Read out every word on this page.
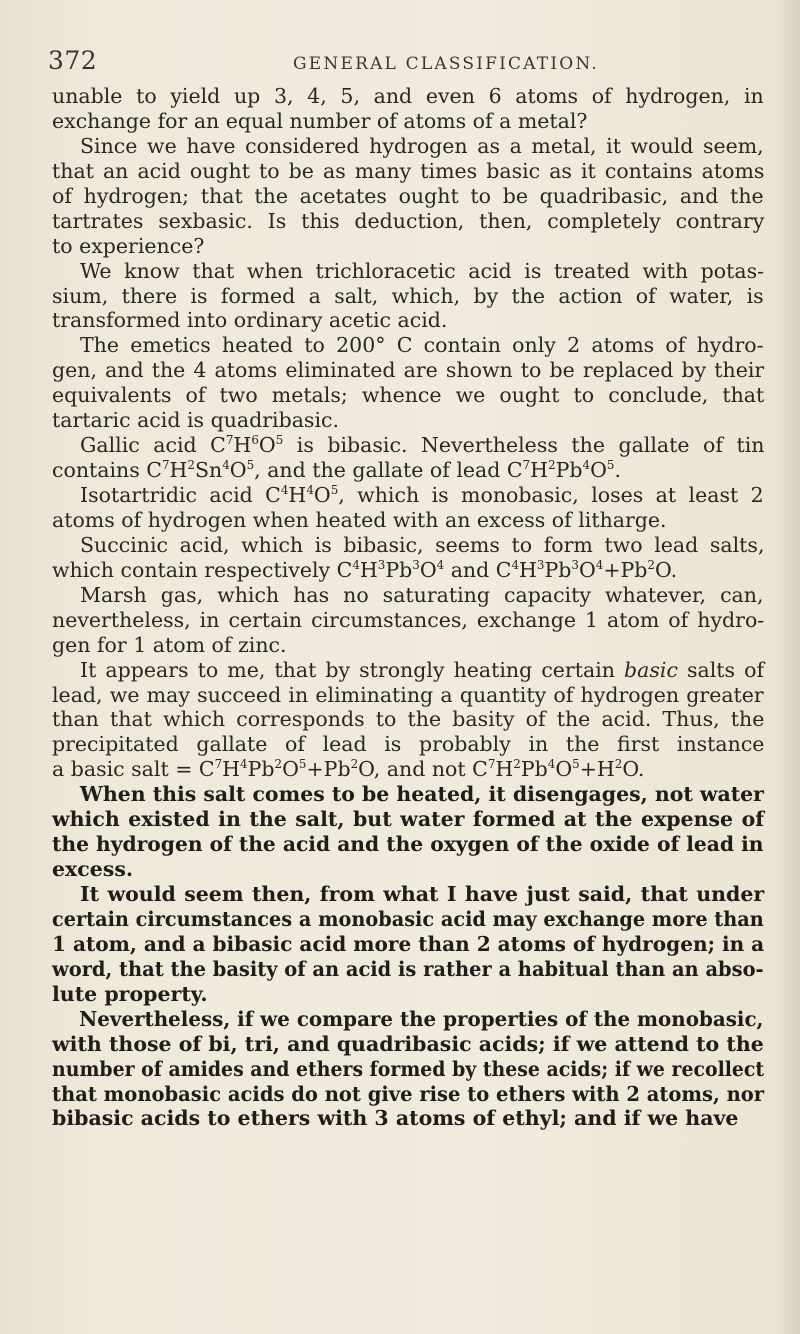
372	GENERAL CLASSIFICATION.
unable to yield up 3, 4, 5, and even 6 atoms of hydrogen, in
exchange for an equal number of atoms of a metal?
Since we have considered hydrogen as a metal, it would seem,
that an acid ought to be as many times basic as it contains atoms
of hydrogen; that the acetates ought to be quadribasic, and the
tartrates sexbasic. Is this deduction, then, completely contrary
to experience?
We know that when trichloracetic acid is treated with potas-
sium, there is formed a salt, which, by the action of water, is
transformed into ordinary acetic acid.
The emetics heated to 200° C contain only 2 atoms of hydro-
gen, and the 4 atoms eliminated are shown to be replaced by their
equivalents of two metals; whence we ought to conclude, that
tartaric acid is quadribasic.
Gallic acid $C^7H^6O^5$ is bibasic. Nevertheless the gallate of tin
contains $C^7H^2Sn^4O^5$, and the gallate of lead $C^7H^2Pb^4O^5$.
Isotartridic acid $C^4H^4O^5$, which is monobasic, loses at least 2
atoms of hydrogen when heated with an excess of litharge.
Succinic acid, which is bibasic, seems to form two lead salts,
which contain respectively $C^4H^3Pb^3O^4$ and $C^4H^3Pb^3O^4+Pb^2O$.
Marsh gas, which has no saturating capacity whatever, can,
nevertheless, in certain circumstances, exchange 1 atom of hydro-
gen for 1 atom of zinc.
It appears to me, that by strongly heating certain basic salts of
lead, we may succeed in eliminating a quantity of hydrogen greater
than that which corresponds to the basity of the acid. Thus, the
precipitated gallate of lead is probably in the first instance
a basic salt = $C^7H^4Pb^2O^5+Pb^2O$, and not $C^7H^2Pb^4O^5+H^2O$.
When this salt comes to be heated, it disengages, not water
which existed in the salt, but water formed at the expense of
the hydrogen of the acid and the oxygen of the oxide of lead in
excess.
It would seem then, from what I have just said, that under
certain circumstances a monobasic acid may exchange more than
1 atom, and a bibasic acid more than 2 atoms of hydrogen; in a
word, that the basity of an acid is rather a habitual than an abso-
lute property.
Nevertheless, if we compare the properties of the monobasic,
with those of bi, tri, and quadribasic acids; if we attend to the
number of amides and ethers formed by these acids; if we recollect
that monobasic acids do not give rise to ethers with 2 atoms, nor
bibasic acids to ethers with 3 atoms of ethyl; and if we have
